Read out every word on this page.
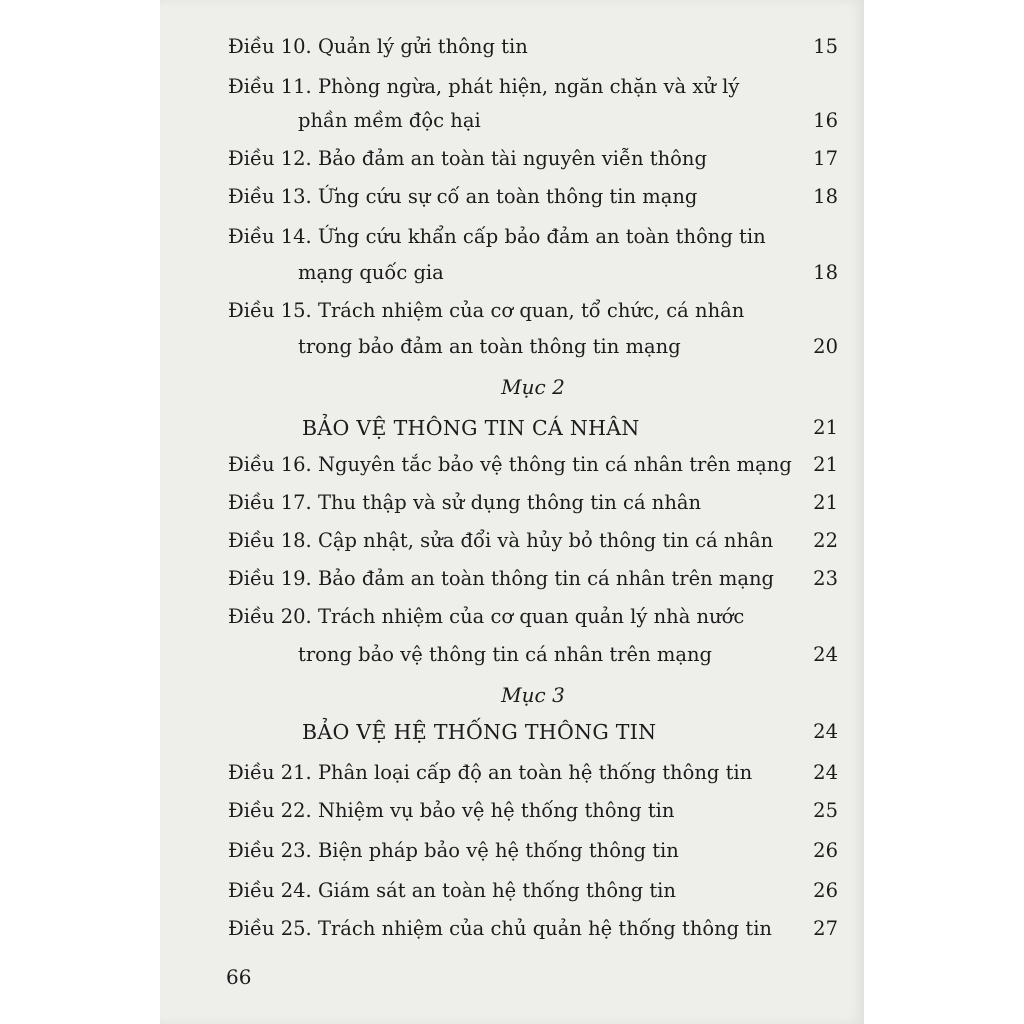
Điều 10. Quản lý gửi thông tin	15
Điều 11. Phòng ngừa, phát hiện, ngăn chặn và xử lý
phần mềm độc hại	16
Điều 12. Bảo đảm an toàn tài nguyên viễn thông	17
Điều 13. Ứng cứu sự cố an toàn thông tin mạng	18
Điều 14. Ứng cứu khẩn cấp bảo đảm an toàn thông tin
mạng quốc gia	18
Điều 15. Trách nhiệm của cơ quan, tổ chức, cá nhân
trong bảo đảm an toàn thông tin mạng	20
Mục 2
BẢO VỆ THÔNG TIN CÁ NHÂN	21
Điều 16. Nguyên tắc bảo vệ thông tin cá nhân trên mạng 21
Điều 17. Thu thập và sử dụng thông tin cá nhân	21
Điều 18. Cập nhật, sửa đổi và hủy bỏ thông tin cá nhân 22
Điều 19. Bảo đảm an toàn thông tin cá nhân trên mạng 23
Điều 20. Trách nhiệm của cơ quan quản lý nhà nước
trong bảo vệ thông tin cá nhân trên mạng	24
Mục 3
BẢO VỆ HỆ THỐNG THÔNG TIN	24
Điều 21. Phân loại cấp độ an toàn hệ thống thông tin	24
Điều 22. Nhiệm vụ bảo vệ hệ thống thông tin	25
Điều 23. Biện pháp bảo vệ hệ thống thông tin	26
Điều 24. Giám sát an toàn hệ thống thông tin	26
Điều 25. Trách nhiệm của chủ quản hệ thống thông tin 27
66
